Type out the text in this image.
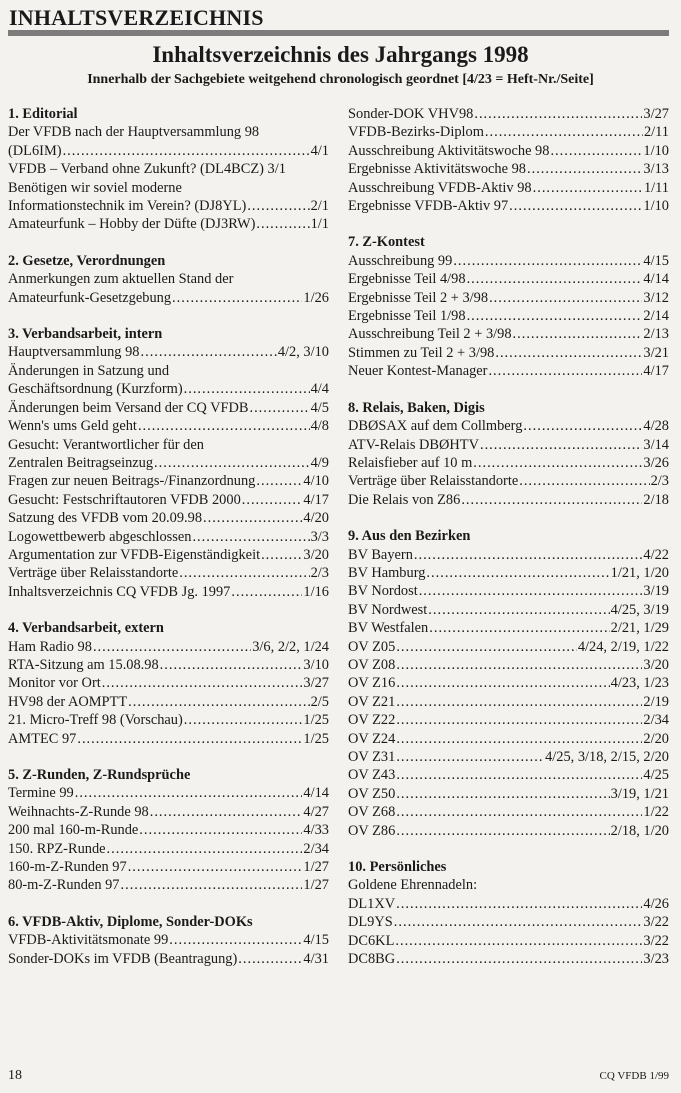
INHALTSVERZEICHNIS
Inhaltsverzeichnis des Jahrgangs 1998
Innerhalb der Sachgebiete weitgehend chronologisch geordnet [4/23 = Heft-Nr./Seite]
1. Editorial
Der VFDB nach der Hauptversammlung 98
(DL6IM) .....	4/1
VFDB – Verband ohne Zukunft? (DL4BCZ) 3/1
Benötigen wir soviel moderne
Informationstechnik im Verein? (DJ8YL) .....	2/1
Amateurfunk – Hobby der Düfte (DJ3RW) .....	1/1
2. Gesetze, Verordnungen
Anmerkungen zum aktuellen Stand der
Amateurfunk-Gesetzgebung .....	1/26
3. Verbandsarbeit, intern
Hauptversammlung 98 .....	4/2, 3/10
Änderungen in Satzung und
Geschäftsordnung (Kurzform) .....	4/4
Änderungen beim Versand der CQ VFDB .....	4/5
Wenn's ums Geld geht .....	4/8
Gesucht: Verantwortlicher für den
Zentralen Beitragseinzug .....	4/9
Fragen zur neuen Beitrags-/Finanzordnung .....	4/10
Gesucht: Festschriftautoren VFDB 2000 .....	4/17
Satzung des VFDB vom 20.09.98 .....	4/20
Logowettbewerb abgeschlossen .....	3/3
Argumentation zur VFDB-Eigenständigkeit .....	3/20
Verträge über Relaisstandorte .....	2/3
Inhaltsverzeichnis CQ VFDB Jg. 1997 .....	1/16
4. Verbandsarbeit, extern
Ham Radio 98 .....	3/6, 2/2, 1/24
RTA-Sitzung am 15.08.98 .....	3/10
Monitor vor Ort .....	3/27
HV98 der AOMPTT .....	2/5
21. Micro-Treff 98 (Vorschau) .....	1/25
AMTEC 97 .....	1/25
5. Z-Runden, Z-Rundsprüche
Termine 99 .....	4/14
Weihnachts-Z-Runde 98 .....	4/27
200 mal 160-m-Runde .....	4/33
150. RPZ-Runde .....	2/34
160-m-Z-Runden 97 .....	1/27
80-m-Z-Runden 97 .....	1/27
6. VFDB-Aktiv, Diplome, Sonder-DOKs
VFDB-Aktivitätsmonate 99 .....	4/15
Sonder-DOKs im VFDB (Beantragung) .....	4/31
Sonder-DOK VHV98 .....	3/27
VFDB-Bezirks-Diplom .....	2/11
Ausschreibung Aktivitätswoche 98 .....	1/10
Ergebnisse Aktivitätswoche 98 .....	3/13
Ausschreibung VFDB-Aktiv 98 .....	1/11
Ergebnisse VFDB-Aktiv 97 .....	1/10
7. Z-Kontest
Ausschreibung 99 .....	4/15
Ergebnisse Teil 4/98 .....	4/14
Ergebnisse Teil 2 + 3/98 .....	3/12
Ergebnisse Teil 1/98 .....	2/14
Ausschreibung Teil 2 + 3/98 .....	2/13
Stimmen zu Teil 2 + 3/98 .....	3/21
Neuer Kontest-Manager .....	4/17
8. Relais, Baken, Digis
DBØSAX auf dem Collmberg .....	4/28
ATV-Relais DBØHTV .....	3/14
Relaisfieber auf 10 m .....	3/26
Verträge über Relaisstandorte .....	2/3
Die Relais von Z86 .....	2/18
9. Aus den Bezirken
BV Bayern .....	4/22
BV Hamburg .....	1/21, 1/20
BV Nordost .....	3/19
BV Nordwest .....	4/25, 3/19
BV Westfalen .....	2/21, 1/29
OV Z05 .....	4/24, 2/19, 1/22
OV Z08 .....	3/20
OV Z16 .....	4/23, 1/23
OV Z21 .....	2/19
OV Z22 .....	2/34
OV Z24 .....	2/20
OV Z31 .....	4/25, 3/18, 2/15, 2/20
OV Z43 .....	4/25
OV Z50 .....	3/19, 1/21
OV Z68 .....	1/22
OV Z86 .....	2/18, 1/20
10. Persönliches
Goldene Ehrennadeln:
DL1XV .....	4/26
DL9YS .....	3/22
DC6KL .....	3/22
DC8BG .....	3/23
18	CQ VFDB 1/99
